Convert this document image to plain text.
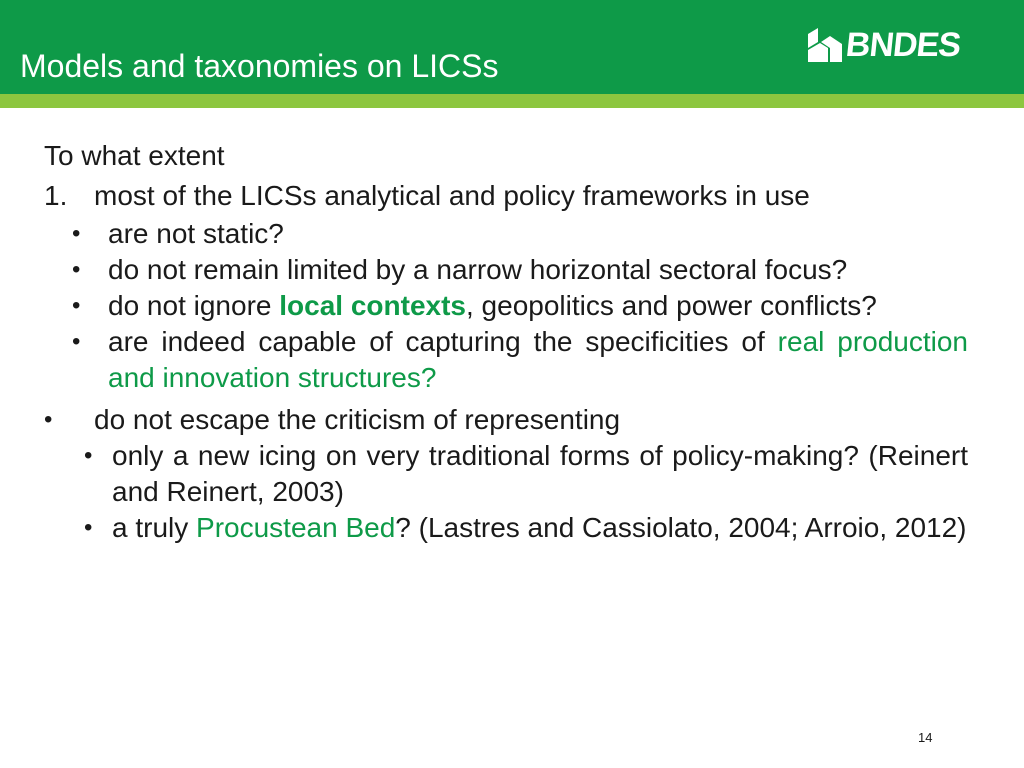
Models and taxonomies on LICSs
BNDES
To what extent
1. most of the LICSs analytical and policy frameworks in use
• are not static?
• do not remain limited by a narrow horizontal sectoral focus?
• do not ignore local contexts, geopolitics and power conflicts?
• are indeed capable of capturing the specificities of real production and innovation structures?
• do not escape the criticism of representing
• only a new icing on very traditional forms of policy-making? (Reinert and Reinert, 2003)
• a truly Procustean Bed? (Lastres and Cassiolato, 2004; Arroio, 2012)
14
